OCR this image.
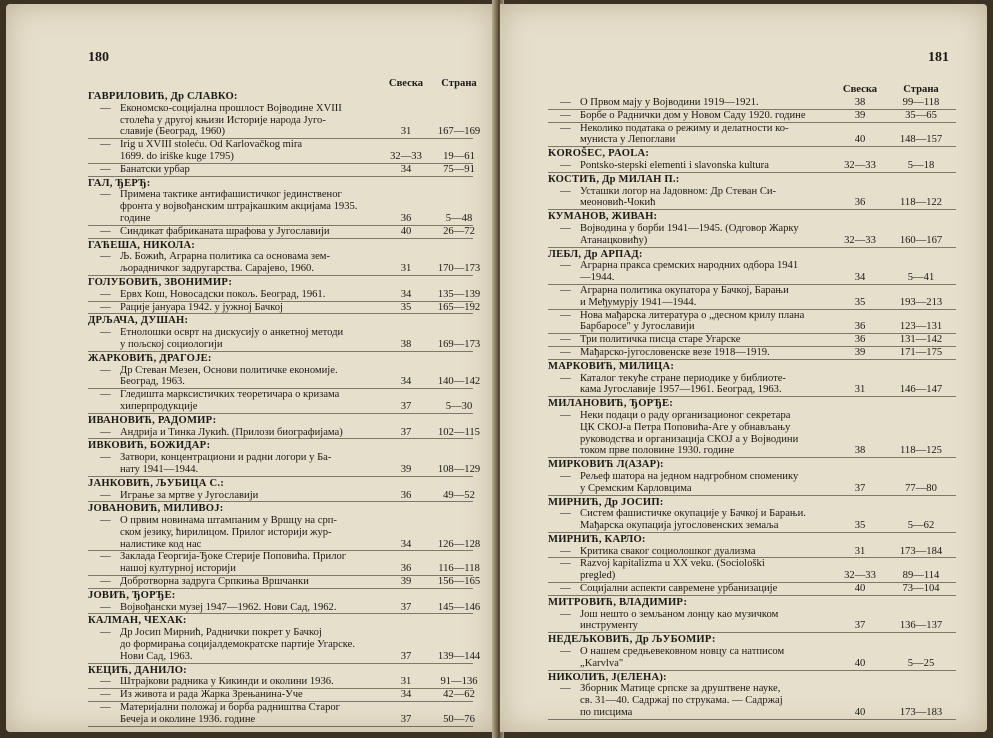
180
Свеска	Страна
ГАВРИЛОВИЋ, Др СЛАВКО:
— Економско-социјална прошлост Војводине XVIII
столећа у другој књизи Историје народа Југо-
славије (Београд, 1960)	31	167—169
— Irig u XVIII stoleću. Od Karlovačkog mira
1699. do iriške kuge 1795)	32—33	19—61
— Банатски урбар	34	75—91
ГАЛ, ЂЕРЂ:
— Примена тактике антифашистичког јединственог
фронта у војвођанским штрајкашким акцијама 1935.
године	36	5—48
— Синдикат фабриканата шрафова у Југославији	40	26—72
ГАЋЕША, НИКОЛА:
— Љ. Божић, Аграрна политика са основама зем-
љорадничког задругарства. Сарајево, 1960.	31	170—173
ГОЛУБОВИЋ, ЗВОНИМИР:
— Ервх Кош, Новосадски покољ. Београд, 1961.	34	135—139
— Рације јануара 1942. у јужној Бачкој	35	165—192
ДРЉАЧА, ДУШАН:
— Етнолошки осврт на дискусију о анкетној методи
у пољској социологији	38	169—173
ЖАРКОВИЋ, ДРАГОЈЕ:
— Др Стеван Мезен, Основи политичке економије.
Београд, 1963.	34	140—142
— Гледишта марксистичких теоретичара о кризама
хиперпродукције	37	5—30
ИВАНОВИЋ, РАДОМИР:
— Андрија и Тинка Лукић. (Прилози биографијама)	37	102—115
ИВКОВИЋ, БОЖИДАР:
— Затвори, концентрациони и радни логори у Ба-
нату 1941—1944.	39	108—129
ЈАНКОВИЋ, ЉУБИЦА С.:
— Играње за мртве у Југославији	36	49—52
ЈОВАНОВИЋ, МИЛИВОЈ:
— О првим новинама штампаним у Вршцу на срп-
ском језику, ћирилицом. Прилог историји жур-
налистике код нас	34	126—128
— Заклада Георгија-Ђоке Стерије Поповића. Прилог
нашој културној историји	36	116—118
— Добротворна задруга Српкиња Вршчанки	39	156—165
ЈОВИЋ, ЂОРЂЕ:
— Војвођански музеј 1947—1962. Нови Сад, 1962.	37	145—146
КАЛМАН, ЧЕХАК:
— Др Јосип Мирнић, Раднички покрет у Бачкој
до формирања социјалдемократске партије Угарске.
Нови Сад, 1963.	37	139—144
КЕЦИЋ, ДАНИЛО:
— Штрајкови радника у Кикинди и околини 1936.	31	91—136
— Из живота и рада Жарка Зрењанина-Уче	34	42—62
— Материјални положај и борба радништва Старог
Бечеја и околине 1936. године	37	50—76
181
Свеска	Страна
— О Првом мају у Војводини 1919—1921.	38	99—118
— Борбе о Раднички дом у Новом Саду 1920. године	39	35—65
— Неколико података о режиму и делатности ко-
муниста у Лепоглави	40	148—157
KOROŠEC, PAOLA:
— Pontsko-stepski elementi i slavonska kultura	32—33	5—18
КОСТИЋ, Др МИЛАН П.:
— Усташки логор на Јадовном: Др Стеван Си-
меоновић-Чокић	36	118—122
КУМАНОВ, ЖИВАН:
— Војводина у борби 1941—1945. (Одговор Жарку
Атанацковићу)	32—33	160—167
ЛЕБЛ, Др АРПАД:
— Аграрна пракса сремских народних одбора 1941
—1944.	34	5—41
— Аграрна политика окупатора у Бачкој, Барањи
и Међумурју 1941—1944.	35	193—213
— Нова мађарска литература о „десном крилу плана
Барбаросе" у Југославији	36	123—131
— Три политичка писца старе Угарске	36	131—142
— Мађарско-југословенске везе 1918—1919.	39	171—175
МАРКОВИЋ, МИЛИЦА:
— Каталог текуће стране периодике у библиоте-
кама Југославије 1957—1961. Београд, 1963.	31	146—147
МИЛАНОВИЋ, ЂОРЂЕ:
— Неки подаци о раду организационог секретара
ЦК СКОЈ-а Петра Поповића-Аге у обнављању
руководства и организација СКОЈ а у Војводини
током прве половине 1930. године	38	118—125
МИРКОВИЋ Л(АЗАР):
— Рељеф шатора на једном надгробном споменику
у Сремским Карловцима	37	77—80
МИРНИЋ, Др ЈОСИП:
— Систем фашистичке окупације у Бачкој и Барањи.
Мађарска окупација југословенских земаља	35	5—62
МИРНИЋ, КАРЛО:
— Критика сваког социолошког дуализма	31	173—184
— Razvoj kapitalizma u XX veku. (Sociološki
pregled)	32—33	89—114
— Социјални аспекти савремене урбанизације	40	73—104
МИТРОВИЋ, ВЛАДИМИР:
— Још нешто о земљаном лонцу као музичком
инструменту	37	136—137
НЕДЕЉКОВИЋ, Др ЉУБОМИР:
— О нашем средњевековном новцу са натписом
„Karvlva"	40	5—25
НИКОЛИЋ, Ј(ЕЛЕНА):
— Зборник Матице српске за друштвене науке,
св. 31—40. Садржај по струкама. — Садржај
по писцима	40	173—183
